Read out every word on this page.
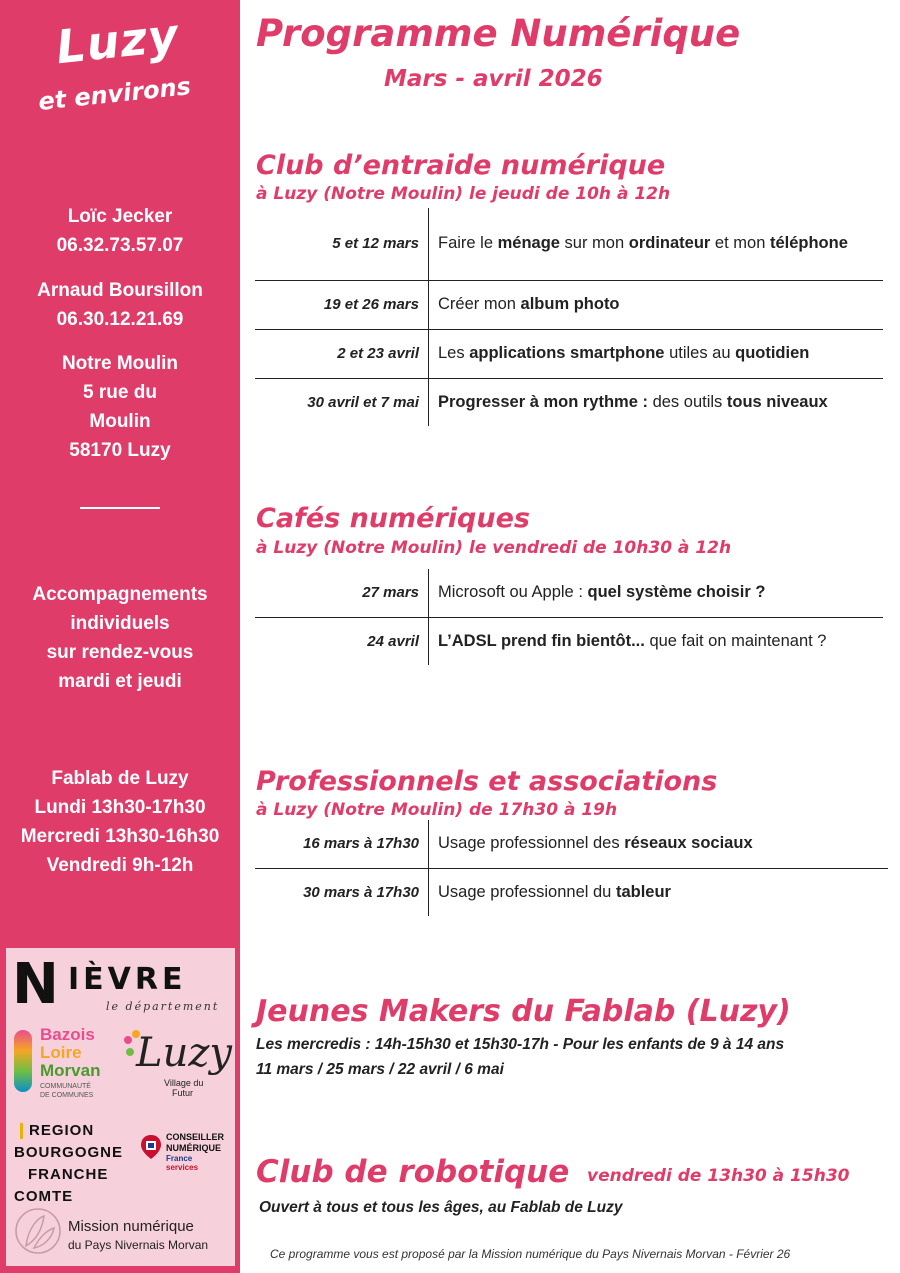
Luzy
et environs
Loïc Jecker
06.32.73.57.07
Arnaud Boursillon
06.30.12.21.69
Notre Moulin
5 rue du
Moulin
58170 Luzy
Accompagnements
individuels
sur rendez-vous
mardi et jeudi
Fablab de Luzy
Lundi 13h30-17h30
Mercredi 13h30-16h30
Vendredi 9h-12h
N IÈVRE
le département
Bazois
Loire
Morvan
COMMUNAUTÉ
DE COMMUNES
Luzy
Village du
Futur
REGION
BOURGOGNE
FRANCHE
COMTE
CONSEILLER
NUMÉRIQUE
France
services
Mission numérique
du Pays Nivernais Morvan
Programme Numérique
Mars - avril 2026
Club d’entraide numérique
à Luzy (Notre Moulin) le jeudi de 10h à 12h
5 et 12 mars	Faire le ménage sur mon ordinateur et mon téléphone
19 et 26 mars	Créer mon album photo
2 et 23 avril	Les applications smartphone utiles au quotidien
30 avril et 7 mai	Progresser à mon rythme : des outils tous niveaux
Cafés numériques
à Luzy (Notre Moulin) le vendredi de 10h30 à 12h
27 mars	Microsoft ou Apple : quel système choisir ?
24 avril	L’ADSL prend fin bientôt... que fait on maintenant ?
Professionnels et associations
à Luzy (Notre Moulin) de 17h30 à 19h
16 mars à 17h30	Usage professionnel des réseaux sociaux
30 mars à 17h30	Usage professionnel du tableur
Jeunes Makers du Fablab (Luzy)
Les mercredis : 14h-15h30 et 15h30-17h - Pour les enfants de 9 à 14 ans
11 mars / 25 mars / 22 avril / 6 mai
Club de robotique vendredi de 13h30 à 15h30
Ouvert à tous et tous les âges, au Fablab de Luzy
Ce programme vous est proposé par la Mission numérique du Pays Nivernais Morvan - Février 26
